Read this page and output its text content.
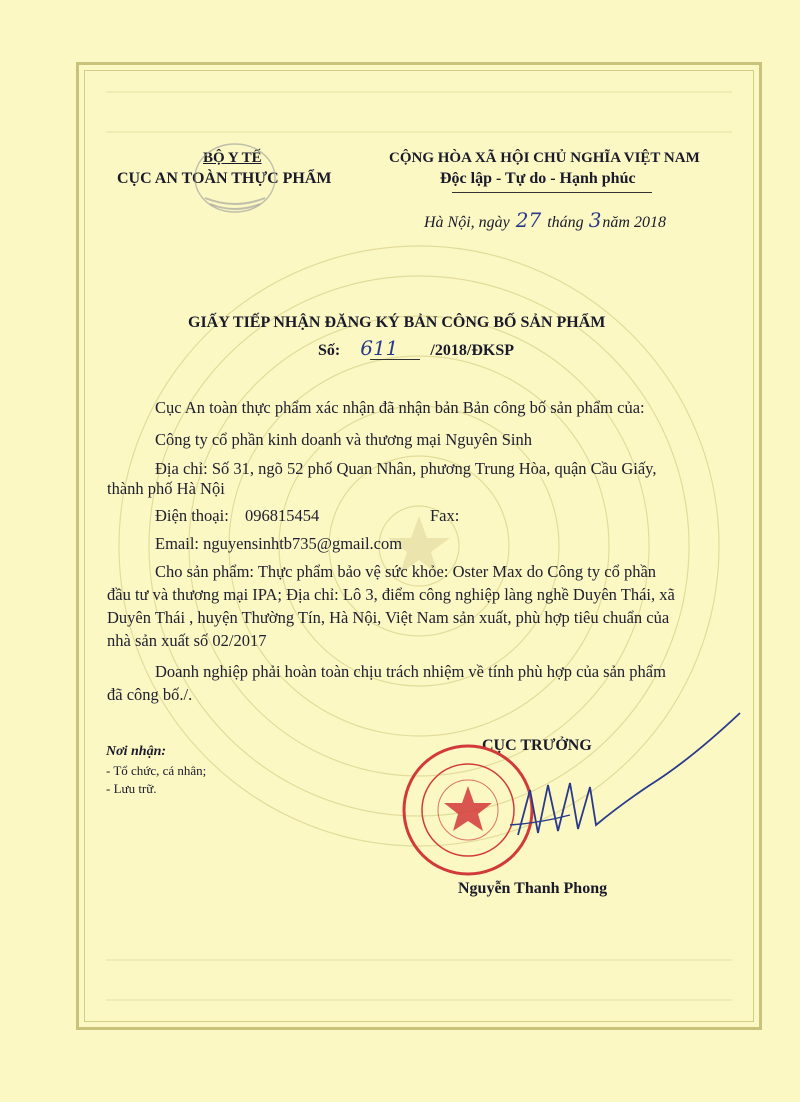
BỘ Y TẾ
CỤC AN TOÀN THỰC PHẨM
CỘNG HÒA XÃ HỘI CHỦ NGHĨA VIỆT NAM
Độc lập - Tự do - Hạnh phúc
Hà Nội, ngày 27 tháng 3năm 2018
GIẤY TIẾP NHẬN ĐĂNG KÝ BẢN CÔNG BỐ SẢN PHẨM
Số: 611 /2018/ĐKSP
Cục An toàn thực phẩm xác nhận đã nhận bản Bản công bố sản phẩm của:
Công ty cổ phần kinh doanh và thương mại Nguyên Sinh
Địa chỉ: Số 31, ngõ 52 phố Quan Nhân, phương Trung Hòa, quận Cầu Giấy,
thành phố Hà Nội
Điện thoại: 096815454	Fax:
Email: nguyensinhtb735@gmail.com
Cho sản phẩm: Thực phẩm bảo vệ sức khỏe: Oster Max do Công ty cổ phần
đầu tư và thương mại IPA; Địa chỉ: Lô 3, điểm công nghiệp làng nghề Duyên Thái, xã
Duyên Thái , huyện Thường Tín, Hà Nội, Việt Nam sản xuất, phù hợp tiêu chuẩn của
nhà sản xuất số 02/2017
Doanh nghiệp phải hoàn toàn chịu trách nhiệm về tính phù hợp của sản phẩm
đã công bố./.
Nơi nhận:
- Tổ chức, cá nhân;
- Lưu trữ.
CỤC TRƯỞNG
Nguyễn Thanh Phong
